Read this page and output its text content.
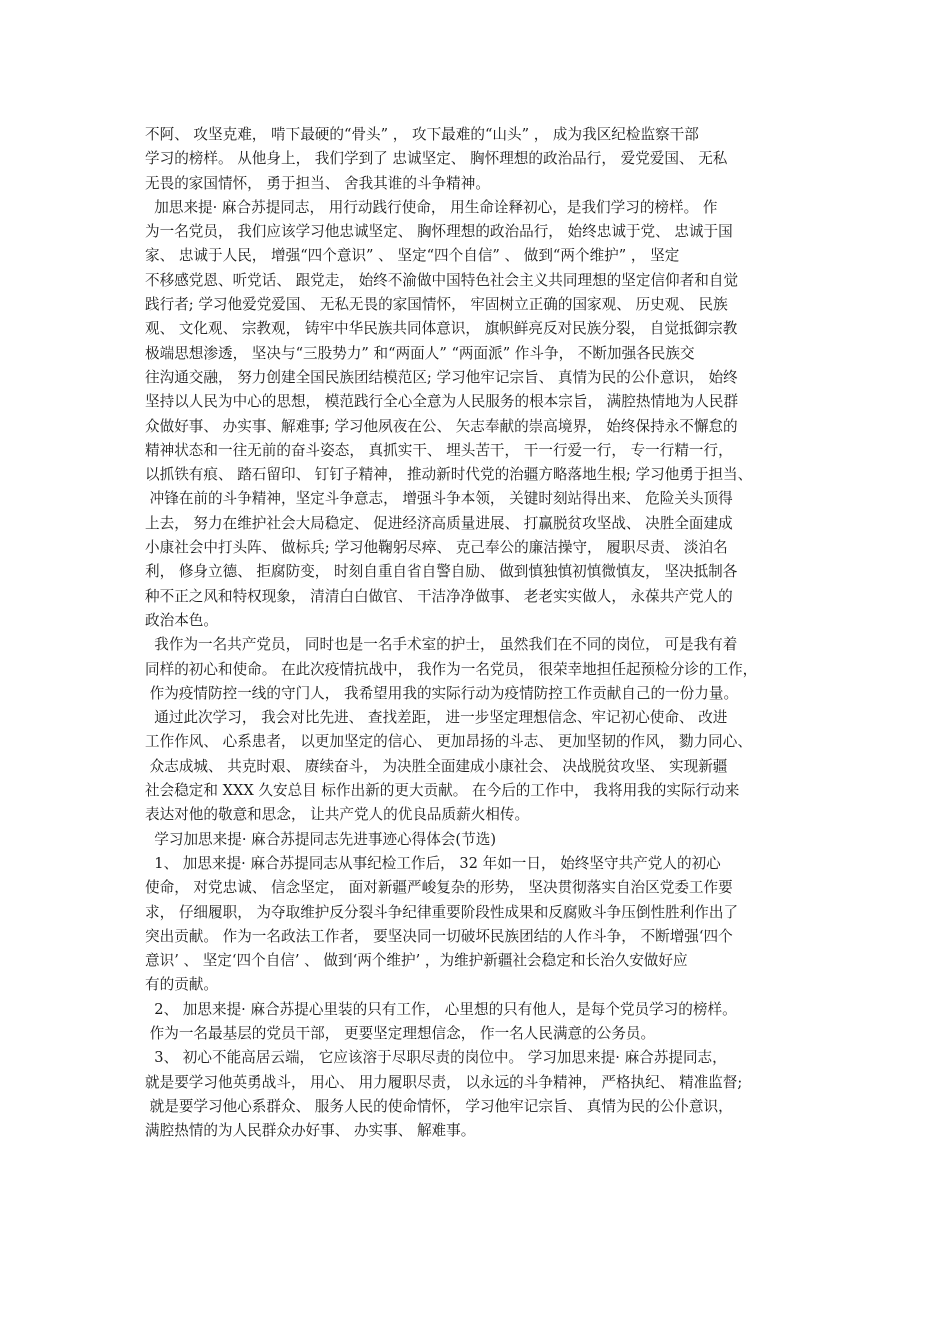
不阿、 攻坚克难， 啃下最硬的“骨头” ， 攻下最难的“山头” ， 成为我区纪检监察干部
学习的榜样。 从他身上， 我们学到了 忠诚坚定、 胸怀理想的政治品行， 爱党爱国、 无私
无畏的家国情怀， 勇于担当、 舍我其谁的斗争精神。
加思来提· 麻合苏提同志， 用行动践行使命， 用生命诠释初心，是我们学习的榜样。 作
为一名党员， 我们应该学习他忠诚坚定、 胸怀理想的政治品行， 始终忠诚于党、 忠诚于国
家、 忠诚于人民， 增强“四个意识” 、 坚定“四个自信” 、 做到“两个维护” ， 坚定
不移感党恩、听党话、 跟党走， 始终不渝做中国特色社会主义共同理想的坚定信仰者和自觉
践行者; 学习他爱党爱国、 无私无畏的家国情怀， 牢固树立正确的国家观、 历史观、 民族
观、 文化观、 宗教观， 铸牢中华民族共同体意识， 旗帜鲜亮反对民族分裂， 自觉抵御宗教
极端思想渗透， 坚决与“三股势力” 和“两面人” “两面派” 作斗争， 不断加强各民族交
往沟通交融， 努力创建全国民族团结模范区; 学习他牢记宗旨、 真情为民的公仆意识， 始终
坚持以人民为中心的思想， 模范践行全心全意为人民服务的根本宗旨， 满腔热情地为人民群
众做好事、 办实事、解难事; 学习他夙夜在公、 矢志奉献的崇高境界， 始终保持永不懈怠的
精神状态和一往无前的奋斗姿态， 真抓实干、 埋头苦干， 干一行爱一行， 专一行精一行，
以抓铁有痕、 踏石留印、 钉钉子精神， 推动新时代党的治疆方略落地生根; 学习他勇于担当、
冲锋在前的斗争精神，坚定斗争意志， 增强斗争本领， 关键时刻站得出来、 危险关头顶得
上去， 努力在维护社会大局稳定、 促进经济高质量进展、 打赢脱贫攻坚战、 决胜全面建成
小康社会中打头阵、 做标兵; 学习他鞠躬尽瘁、 克己奉公的廉洁操守， 履职尽责、 淡泊名
利， 修身立德、 拒腐防变， 时刻自重自省自警自励、 做到慎独慎初慎微慎友， 坚决抵制各
种不正之风和特权现象， 清清白白做官、 干洁净净做事、 老老实实做人， 永葆共产党人的
政治本色。
我作为一名共产党员， 同时也是一名手术室的护士， 虽然我们在不同的岗位， 可是我有着
同样的初心和使命。 在此次疫情抗战中， 我作为一名党员， 很荣幸地担任起预检分诊的工作，
作为疫情防控一线的守门人， 我希望用我的实际行动为疫情防控工作贡献自己的一份力量。
通过此次学习， 我会对比先进、 查找差距， 进一步坚定理想信念、牢记初心使命、 改进
工作作风、 心系患者， 以更加坚定的信心、 更加昂扬的斗志、 更加坚韧的作风， 勠力同心、
众志成城、 共克时艰、 赓续奋斗， 为决胜全面建成小康社会、 决战脱贫攻坚、 实现新疆
社会稳定和 XXX 久安总目 标作出新的更大贡献。 在今后的工作中， 我将用我的实际行动来
表达对他的敬意和思念， 让共产党人的优良品质薪火相传。
学习加思来提· 麻合苏提同志先进事迹心得体会(节选)
1、 加思来提· 麻合苏提同志从事纪检工作后， 32 年如一日， 始终坚守共产党人的初心
使命， 对党忠诚、 信念坚定， 面对新疆严峻复杂的形势， 坚决贯彻落实自治区党委工作要
求， 仔细履职， 为夺取维护反分裂斗争纪律重要阶段性成果和反腐败斗争压倒性胜利作出了
突出贡献。 作为一名政法工作者， 要坚决同一切破坏民族团结的人作斗争， 不断增强‘四个
意识’ 、 坚定‘四个自信’ 、 做到‘两个维护’ ，为维护新疆社会稳定和长治久安做好应
有的贡献。
2、 加思来提· 麻合苏提心里装的只有工作， 心里想的只有他人，是每个党员学习的榜样。
作为一名最基层的党员干部， 更要坚定理想信念， 作一名人民满意的公务员。
3、 初心不能高居云端， 它应该溶于尽职尽责的岗位中。 学习加思来提· 麻合苏提同志，
就是要学习他英勇战斗， 用心、 用力履职尽责， 以永远的斗争精神， 严格执纪、 精准监督;
就是要学习他心系群众、 服务人民的使命情怀， 学习他牢记宗旨、 真情为民的公仆意识，
满腔热情的为人民群众办好事、 办实事、 解难事。
